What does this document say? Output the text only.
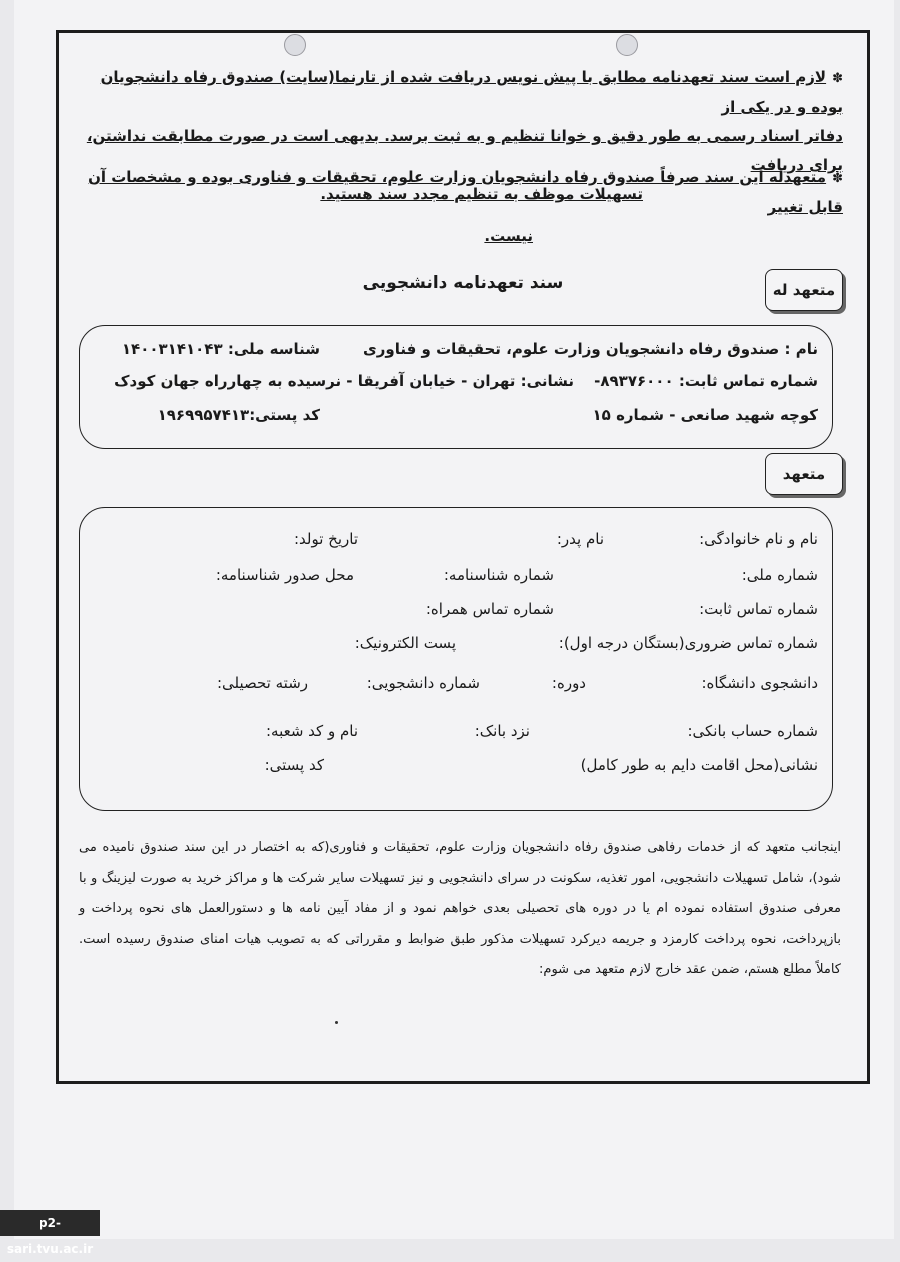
✽لازم است سند تعهدنامه مطابق با پیش نویس دریافت شده از تارنما(سایت) صندوق رفاه دانشجویان بوده و در یکی از
دفاتر اسناد رسمی به طور دقیق و خوانا تنظیم و به ثبت برسد. بدیهی است در صورت مطابقت نداشتن، برای دریافت
تسهیلات موظف به تنظیم مجدد سند هستید.
✽متعهدله این سند صرفاً صندوق رفاه دانشجویان وزارت علوم، تحقیقات و فناوری بوده و مشخصات آن قابل تغییر
نیست.
سند تعهدنامه دانشجویی	متعهد له
نام : صندوق رفاه دانشجویان وزارت علوم، تحقیقات و فناوری
شناسه ملی: ۱۴۰۰۳۱۴۱۰۴۳
شماره تماس ثابت: ۸۹۳۷۶۰۰۰-
نشانی: تهران - خیابان آفریقا - نرسیده به چهارراه جهان کودک
کوچه شهید صانعی - شماره ۱۵
کد پستی:۱۹۶۹۹۵۷۴۱۳
متعهد
نام و نام خانوادگی:
نام پدر:
تاریخ تولد:
شماره ملی:
شماره شناسنامه:
محل صدور شناسنامه:
شماره تماس ثابت:
شماره تماس همراه:
شماره تماس ضروری(بستگان درجه اول):
پست الکترونیک:
دانشجوی دانشگاه:
دوره:
شماره دانشجویی:
رشته تحصیلی:
شماره حساب بانکی:
نزد بانک:
نام و کد شعبه:
نشانی(محل اقامت دایم به طور کامل)
کد پستی:
اینجانب متعهد که از خدمات رفاهی صندوق رفاه دانشجویان وزارت علوم، تحقیقات و فناوری(که به اختصار در این سند صندوق نامیده می شود)، شامل تسهیلات دانشجویی، امور تغذیه، سکونت در سرای دانشجویی و نیز تسهیلات سایر شرکت ها و مراکز خرید به صورت لیزینگ و با معرفی صندوق استفاده نموده ام یا در دوره های تحصیلی بعدی خواهم نمود و از مفاد آیین نامه ها و دستورالعمل های نحوه پرداخت و بازپرداخت، نحوه پرداخت کارمزد و جریمه دیرکرد تسهیلات مذکور طبق ضوابط و مقرراتی که به تصویب هیات امنای صندوق رسیده است. کاملاً مطلع هستم، ضمن عقد خارج لازم متعهد می شوم:
p2-sari.tvu.ac.ir
